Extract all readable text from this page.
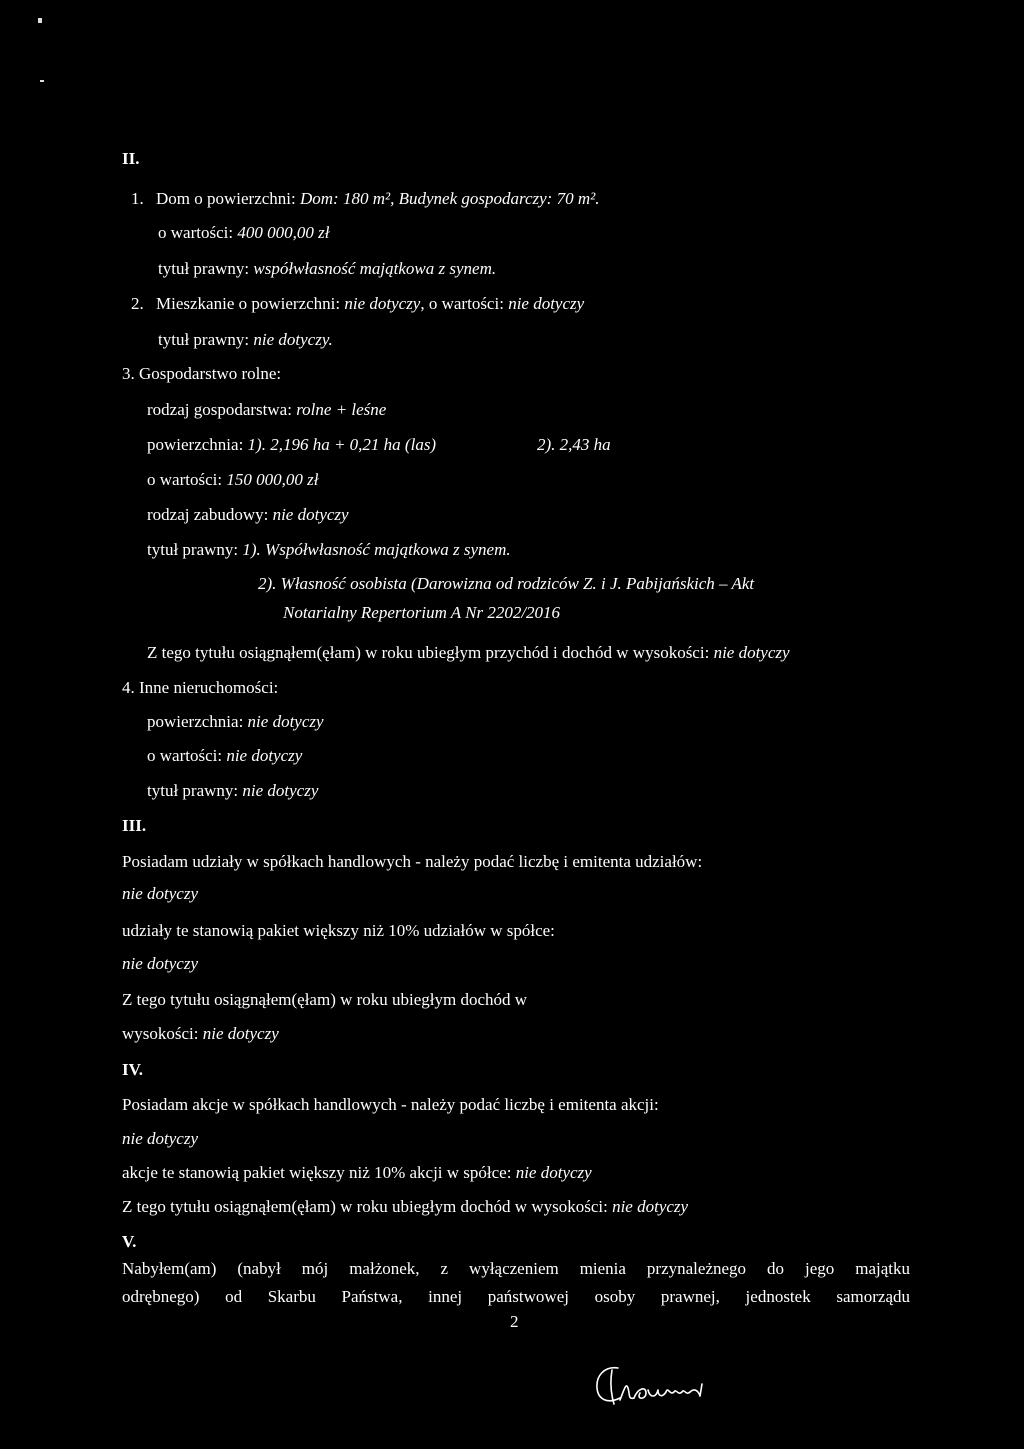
II.
1. Dom o powierzchni: Dom: 180 m², Budynek gospodarczy: 70 m².
o wartości: 400 000,00 zł
tytuł prawny: współwłasność majątkowa z synem.
2. Mieszkanie o powierzchni: nie dotyczy, o wartości: nie dotyczy
tytuł prawny: nie dotyczy.
3. Gospodarstwo rolne:
rodzaj gospodarstwa: rolne + leśne
powierzchnia: 1). 2,196 ha + 0,21 ha (las)	2). 2,43 ha
o wartości: 150 000,00 zł
rodzaj zabudowy: nie dotyczy
tytuł prawny: 1). Współwłasność majątkowa z synem.
2). Własność osobista (Darowizna od rodziców Z. i J. Pabijańskich – Akt
Notarialny Repertorium A Nr 2202/2016
Z tego tytułu osiągnąłem(ęłam) w roku ubiegłym przychód i dochód w wysokości: nie dotyczy
4. Inne nieruchomości:
powierzchnia: nie dotyczy
o wartości: nie dotyczy
tytuł prawny: nie dotyczy
III.
Posiadam udziały w spółkach handlowych - należy podać liczbę i emitenta udziałów:
nie dotyczy
udziały te stanowią pakiet większy niż 10% udziałów w spółce:
nie dotyczy
Z tego tytułu osiągnąłem(ęłam) w roku ubiegłym dochód w
wysokości: nie dotyczy
IV.
Posiadam akcje w spółkach handlowych - należy podać liczbę i emitenta akcji:
nie dotyczy
akcje te stanowią pakiet większy niż 10% akcji w spółce: nie dotyczy
Z tego tytułu osiągnąłem(ęłam) w roku ubiegłym dochód w wysokości: nie dotyczy
V.
Nabyłem(am) (nabył mój małżonek, z wyłączeniem mienia przynależnego do jego majątku
odrębnego) od Skarbu Państwa, innej państwowej osoby prawnej, jednostek samorządu
2
